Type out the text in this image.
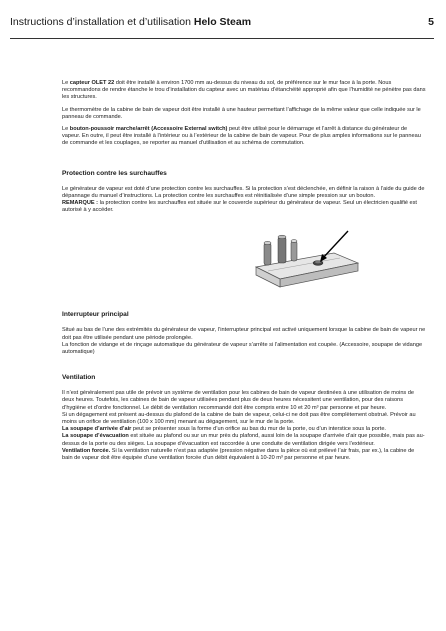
Instructions d’installation et d’utilisation Helo Steam	5

Le capteur OLET 22 doit être installé à environ 1700 mm au-dessus du niveau du sol, de préférence sur le mur face à la porte. Nous recommandons de rendre étanche le trou d’installation du capteur avec un matériau d’étanchéité approprié afin que l’humidité ne pénètre pas dans les structures.

Le thermomètre de la cabine de bain de vapeur doit être installé à une hauteur permettant l’affichage de la même valeur que celle indiquée sur le panneau de commande.

Le bouton-poussoir marche/arrêt (Accessoire External switch) peut être utilisé pour le démarrage et l’arrêt à distance du générateur de vapeur. En outre, il peut être installé à l’intérieur ou à l’extérieur de la cabine de bain de vapeur. Pour de plus amples informations sur le panneau de commande et les couplages, se reporter au manuel d’utilisation et au schéma de commutation.

Protection contre les surchauffes

Le générateur de vapeur est doté d’une protection contre les surchauffes. Si la protection s’est déclenchée, en définir la raison à l’aide du guide de dépannage du manuel d’instructions. La protection contre les surchauffes est réinitialisée d’une simple pression sur un bouton.

REMARQUE : la protection contre les surchauffes est située sur le couvercle supérieur du générateur de vapeur. Seul un électricien qualifié est autorisé à y accéder.

Interrupteur principal

Situé au bas de l’une des extrémités du générateur de vapeur, l’interrupteur principal est activé uniquement lorsque la cabine de bain de vapeur ne doit pas être utilisée pendant une période prolongée.

La fonction de vidange et de rinçage automatique du générateur de vapeur s’arrête si l’alimentation est coupée. (Accessoire, soupape de vidange automatique)

Ventilation

Il n’est généralement pas utile de prévoir un système de ventilation pour les cabines de bain de vapeur destinées à une utilisation de moins de deux heures. Toutefois, les cabines de bain de vapeur utilisées pendant plus de deux heures nécessitent une ventilation, pour des raisons d’hygiène et d’ordre fonctionnel. Le débit de ventilation recommandé doit être compris entre 10 et 20 m³ par personne et par heure.

Si un dégagement est présent au-dessus du plafond de la cabine de bain de vapeur, celui-ci ne doit pas être complètement obstrué. Prévoir au moins un orifice de ventilation (100 x 100 mm) menant au dégagement, sur le mur de la porte.

La soupape d’arrivée d’air peut se présenter sous la forme d’un orifice au bas du mur de la porte, ou d’un interstice sous la porte.

La soupape d’évacuation est située au plafond ou sur un mur près du plafond, aussi loin de la soupape d’arrivée d’air que possible, mais pas au-dessus de la porte ou des sièges. La soupape d’évacuation est raccordée à une conduite de ventilation dirigée vers l’extérieur.

Ventilation forcée. Si la ventilation naturelle n’est pas adaptée (pression négative dans la pièce où est prélevé l’air frais, par ex.), la cabine de bain de vapeur doit être équipée d’une ventilation forcée d’un débit équivalent à 10-20 m³ par personne et par heure.
